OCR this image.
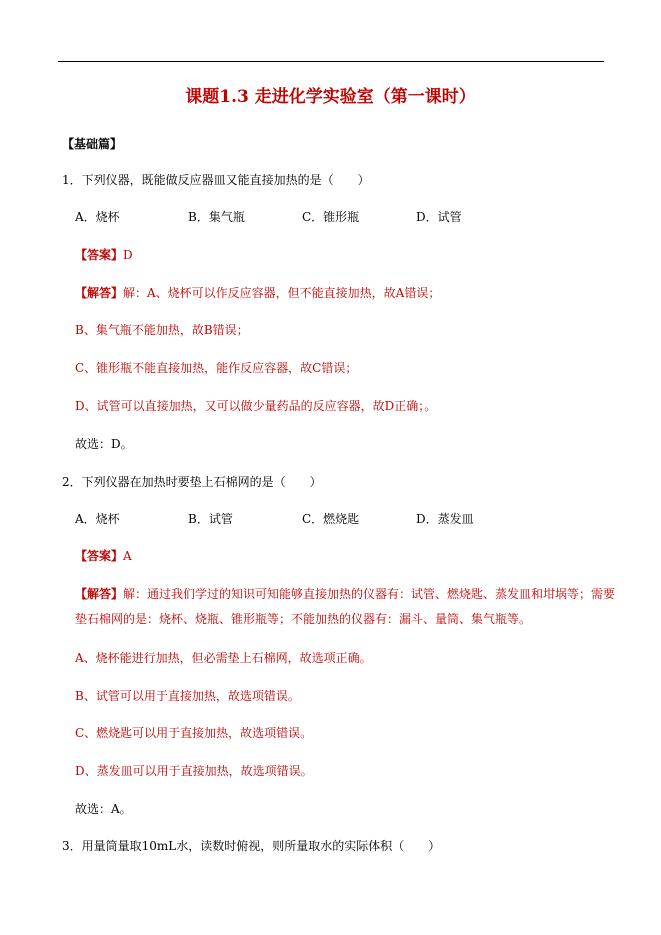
课题1.3 走进化学实验室（第一课时）
【基础篇】
1．下列仪器，既能做反应器皿又能直接加热的是（　　）
A．烧杯	B．集气瓶	C．锥形瓶	D．试管
【答案】D
【解答】解：A、烧杯可以作反应容器，但不能直接加热，故A错误；
B、集气瓶不能加热，故B错误；
C、锥形瓶不能直接加热，能作反应容器，故C错误；
D、试管可以直接加热，又可以做少量药品的反应容器，故D正确；。
故选：D。
2．下列仪器在加热时要垫上石棉网的是（　　）
A．烧杯	B．试管	C．燃烧匙	D．蒸发皿
【答案】A
【解答】解：通过我们学过的知识可知能够直接加热的仪器有：试管、燃烧匙、蒸发皿和坩埚等；需要
垫石棉网的是：烧杯、烧瓶、锥形瓶等；不能加热的仪器有：漏斗、量筒、集气瓶等。
A、烧杯能进行加热，但必需垫上石棉网，故选项正确。
B、试管可以用于直接加热，故选项错误。
C、燃烧匙可以用于直接加热，故选项错误。
D、蒸发皿可以用于直接加热，故选项错误。
故选：A。
3．用量筒量取10mL水，读数时俯视，则所量取水的实际体积（　　）
